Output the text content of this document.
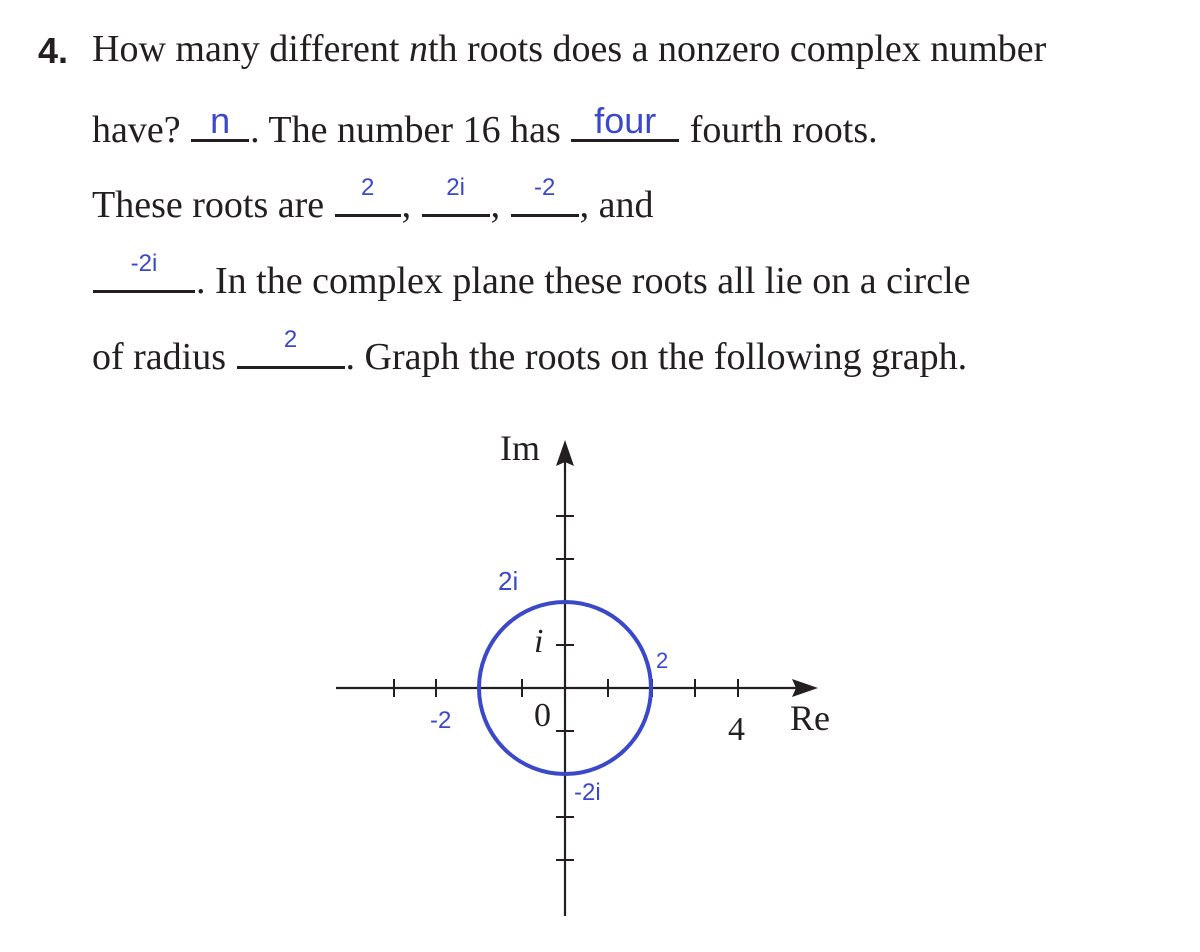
4. How many different nth roots does a nonzero complex number
have? n . The number 16 has four fourth roots.
These roots are	2 ,	2i ,	-2 , and
-2i	. In the complex plane these roots all lie on a circle
of radius	2	. Graph the roots on the following graph.
Im
Re
i
0	4
2i
2
-2
-2i
